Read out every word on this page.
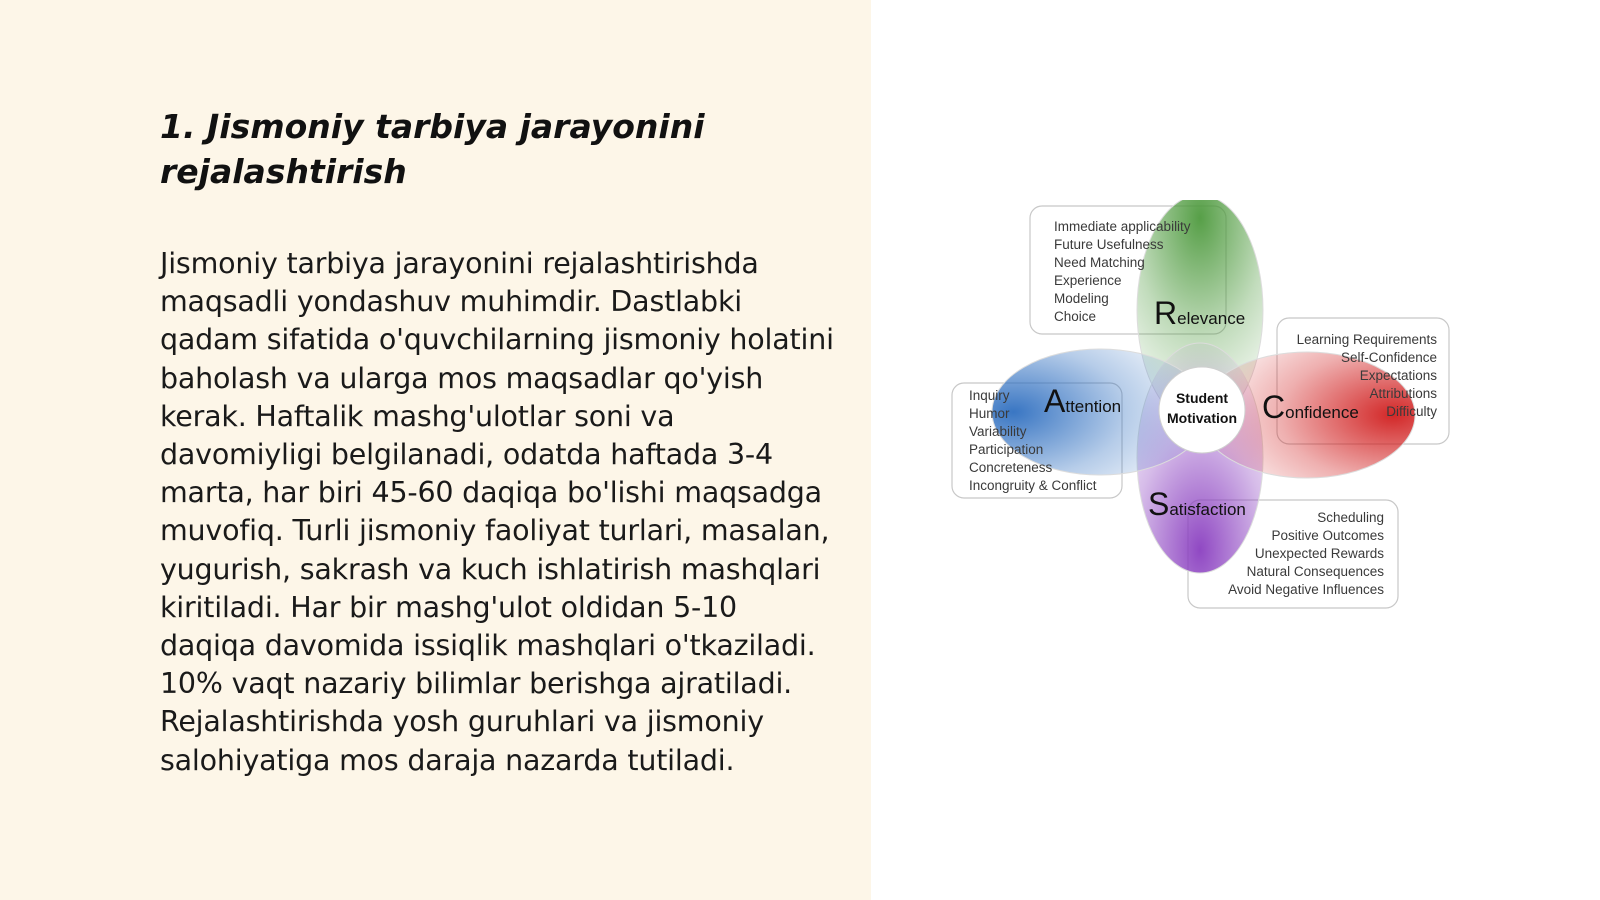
1. Jismoniy tarbiya jarayonini
rejalashtirish

Jismoniy tarbiya jarayonini rejalashtirishda maqsadli yondashuv muhimdir. Dastlabki qadam sifatida o'quvchilarning jismoniy holatini baholash va ularga mos maqsadlar qo'yish kerak. Haftalik mashg'ulotlar soni va davomiyligi belgilanadi, odatda haftada 3-4 marta, har biri 45-60 daqiqa bo'lishi maqsadga muvofiq. Turli jismoniy faoliyat turlari, masalan, yugurish, sakrash va kuch ishlatirish mashqlari kiritiladi. Har bir mashg'ulot oldidan 5-10 daqiqa davomida issiqlik mashqlari o'tkaziladi. 10% vaqt nazariy bilimlar berishga ajratiladi. Rejalashtirishda yosh guruhlari va jismoniy salohiyatiga mos daraja nazarda tutiladi.

Student
Motivation
Relevance
Attention	Confidence
Satisfaction
Immediate applicability
Future Usefulness
Need Matching
Experience
Modeling
Choice
Inquiry
Humor
Variability
Participation
Concreteness
Incongruity & Conflict
Learning Requirements
Self-Confidence
Expectations
Attributions
Difficulty
Scheduling
Positive Outcomes
Unexpected Rewards
Natural Consequences
Avoid Negative Influences
